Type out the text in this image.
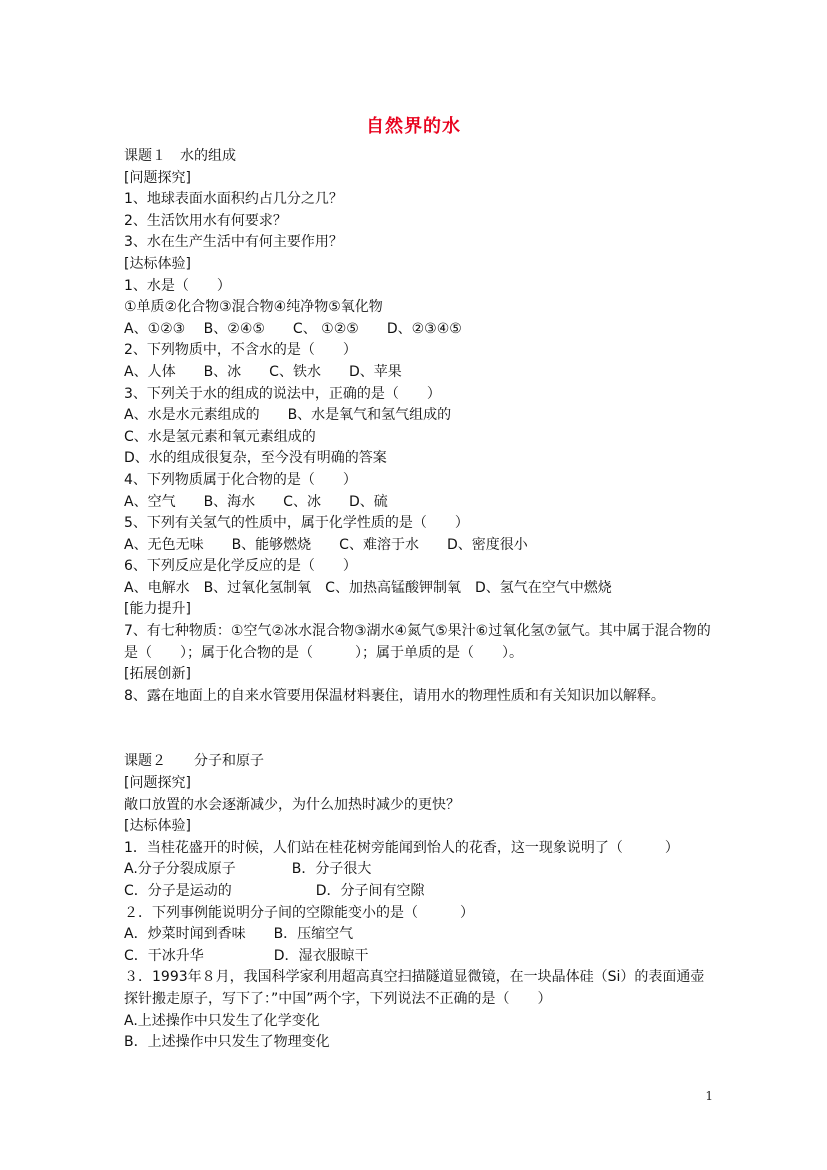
自然界的水
课题１　水的组成
[问题探究]
1、地球表面水面积约占几分之几？
2、生活饮用水有何要求？
3、水在生产生活中有何主要作用？
[达标体验]
1、水是（　　）
①单质②化合物③混合物④纯净物⑤氧化物
A、①②③　 B、②④⑤　　C、 ①②⑤　　D、②③④⑤
2、下列物质中，不含水的是（　　）
A、人体　　B、冰　　C、铁水　　D、苹果
3、下列关于水的组成的说法中，正确的是（　　）
A、水是水元素组成的　　B、水是氧气和氢气组成的
C、水是氢元素和氧元素组成的
D、水的组成很复杂，至今没有明确的答案
4、下列物质属于化合物的是（　　）
A、空气　　B、海水　　C、冰　　D、硫
5、下列有关氢气的性质中，属于化学性质的是（　　）
A、无色无味　　B、能够燃烧　　C、难溶于水　　D、密度很小
6、下列反应是化学反应的是（　　）
A、电解水　B、过氧化氢制氧　C、加热高锰酸钾制氧　D、氢气在空气中燃烧
[能力提升]
7、有七种物质：①空气②冰水混合物③湖水④氮气⑤果汁⑥过氧化氢⑦氩气。其中属于混合物的是（　　）；属于化合物的是（　　　）；属于单质的是（　　）。
[拓展创新]
8、露在地面上的自来水管要用保温材料裹住，请用水的物理性质和有关知识加以解释。
课题２　　分子和原子
[问题探究]
敞口放置的水会逐渐减少，为什么加热时减少的更快？
[达标体验]
1．当桂花盛开的时候，人们站在桂花树旁能闻到怡人的花香，这一现象说明了（　　　）
A.分子分裂成原子　　　　B．分子很大
C．分子是运动的　　　　　　D．分子间有空隙
２．下列事例能说明分子间的空隙能变小的是（　　　）
A．炒菜时闻到香味　　B．压缩空气
C．干冰升华　　　　　D．湿衣服晾干
３．1993年８月，我国科学家利用超高真空扫描隧道显微镜，在一块晶体硅（Si）的表面通壶探针搬走原子，写下了：”中国”两个字，下列说法不正确的是（　　）
A.上述操作中只发生了化学变化
B．上述操作中只发生了物理变化
1
